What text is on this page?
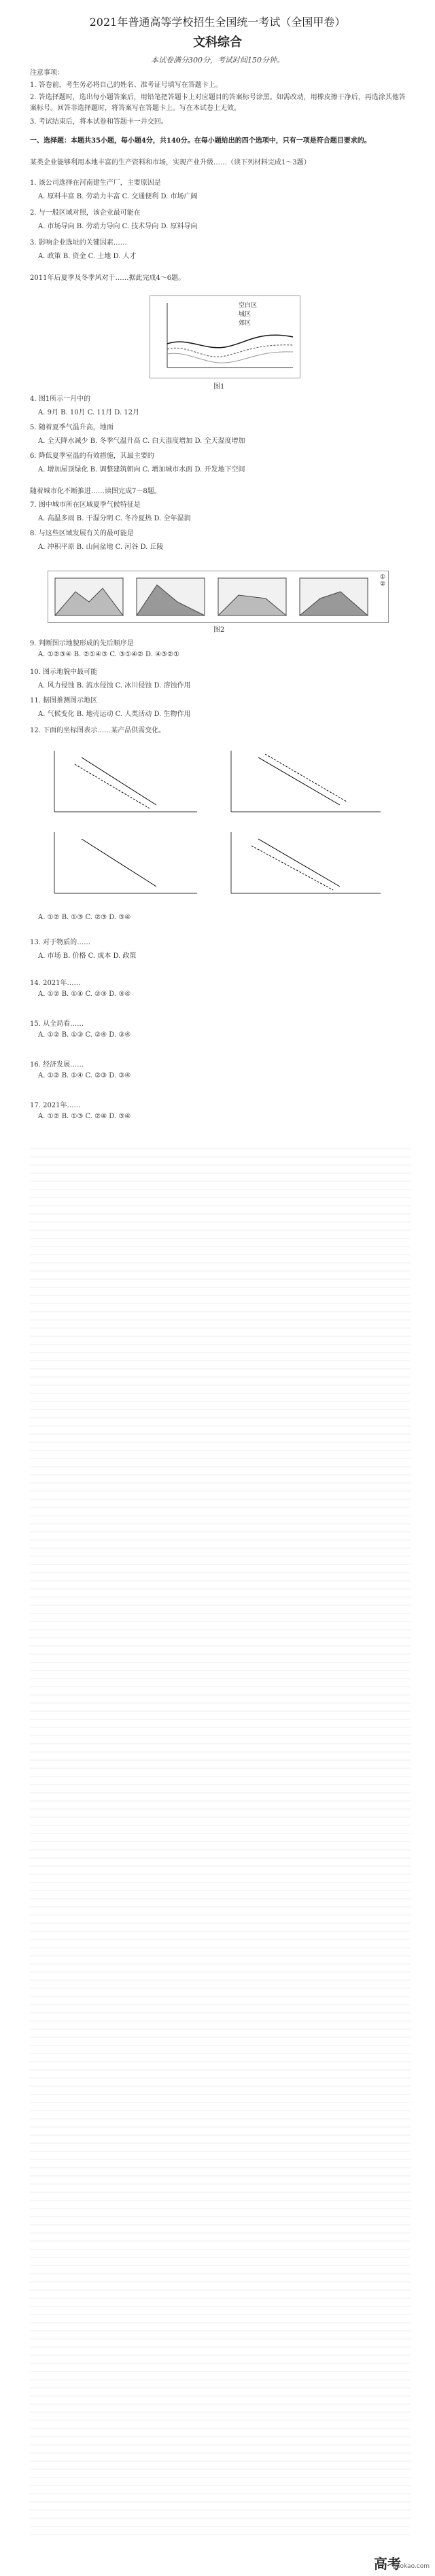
2021年普通高等学校招生全国统一考试（全国甲卷）
文科综合
本试卷满分300分，考试时间150分钟。
注意事项：
1. 答卷前，考生务必将自己的姓名、准考证号填写在答题卡上。
2. 答选择题时，选出每小题答案后，用铅笔把答题卡上对应题目的答案标号涂黑。如需改动，用橡皮擦干净后，再选涂其他答案标号。回答非选择题时，将答案写在答题卡上。写在本试卷上无效。
3. 考试结束后，将本试卷和答题卡一并交回。
一、选择题：本题共35小题，每小题4分，共140分。在每小题给出的四个选项中，只有一项是符合题目要求的。
某类企业能够利用本地丰富的生产资料和市场，实现产业升级……（读下列材料完成1～3题）
1. 该公司选择在河南建生产厂，主要原因是
A. 原料丰富 B. 劳动力丰富 C. 交通便利 D. 市场广阔
2. 与一般区域对照，该企业最可能在
A. 市场导向 B. 劳动力导向 C. 技术导向 D. 原料导向
3. 影响企业选址的关键因素……
A. 政策 B. 资金 C. 土地 D. 人才
2011年后夏季及冬季风对于……据此完成4～6题。
空白区
城区
郊区
图1
4. 图1所示一月中的
A. 9月 B. 10月 C. 11月 D. 12月
5. 随着夏季气温升高，地面
A. 全天降水减少 B. 冬季气温升高 C. 白天湿度增加 D. 全天湿度增加
6. 降低夏季室温的有效措施，其最主要的
A. 增加屋顶绿化 B. 调整建筑朝向 C. 增加城市水面 D. 开发地下空间
随着城市化不断推进……读图完成7～8题。
7. 图中城市所在区域夏季气候特征是
A. 高温多雨 B. 干湿分明 C. 冬冷夏热 D. 全年湿润
8. 与这些区域发展有关的最可能是
A. 冲积平原 B. 山间盆地 C. 河谷 D. 丘陵
①
②
图2
9. 判断图示地貌形成的先后顺序是
A. ①②③④ B. ②①④③ C. ③①④② D. ④③②①
10. 图示地貌中最可能
A. 风力侵蚀 B. 流水侵蚀 C. 冰川侵蚀 D. 溶蚀作用
11. 据图推测图示地区
A. 气候变化 B. 地壳运动 C. 人类活动 D. 生物作用
12. 下面的坐标图表示……某产品供需变化。
A. ①② B. ①③ C. ②③ D. ③④
13. 对于物质的……
A. 市场 B. 价格 C. 成本 D. 政策
14. 2021年……
A. ①② B. ①④ C. ②③ D. ③④
15. 从全局看……
A. ①② B. ①③ C. ②④ D. ③④
16. 经济发展……
A. ①② B. ①④ C. ②③ D. ③④
17. 2021年……
A. ①② B. ①③ C. ②④ D. ③④
高考
gaokao.com
